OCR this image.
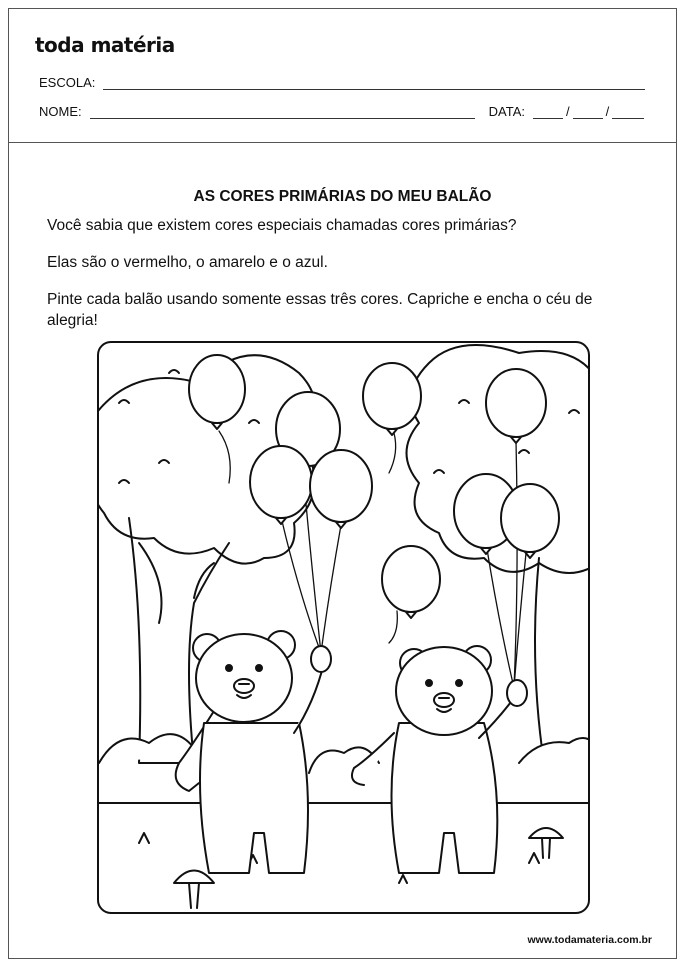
toda matéria
ESCOLA:
NOME:	DATA:	/	/
AS CORES PRIMÁRIAS DO MEU BALÃO
Você sabia que existem cores especiais chamadas cores primárias?
Elas são o vermelho, o amarelo e o azul.
Pinte cada balão usando somente essas três cores. Capriche e encha o céu de alegria!
www.todamateria.com.br
